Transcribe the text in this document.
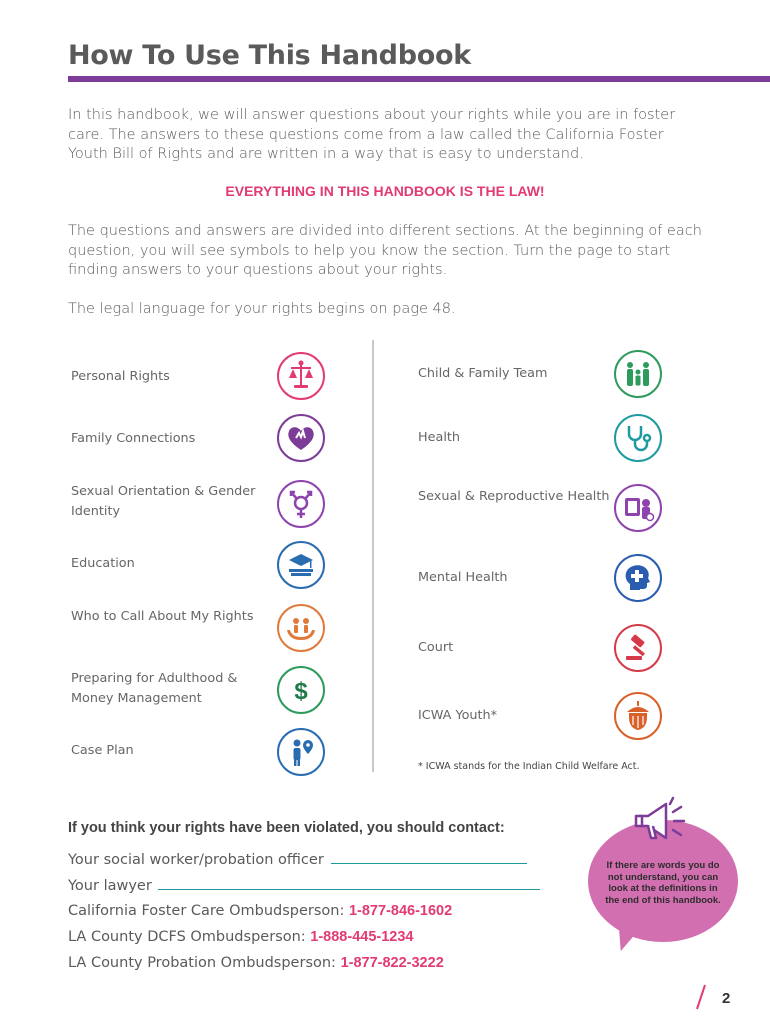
How To Use This Handbook

In this handbook, we will answer questions about your rights while you are in foster care. The answers to these questions come from a law called the California Foster Youth Bill of Rights and are written in a way that is easy to understand.

EVERYTHING IN THIS HANDBOOK IS THE LAW!

The questions and answers are divided into different sections. At the beginning of each question, you will see symbols to help you know the section. Turn the page to start finding answers to your questions about your rights.

The legal language for your rights begins on page 48.

Personal Rights
Family Connections
Sexual Orientation & Gender Identity
Education
Who to Call About My Rights
Preparing for Adulthood & Money Management	$
Case Plan
Child & Family Team
Health
Sexual & Reproductive Health
Mental Health
Court
ICWA Youth*
* ICWA stands for the Indian Child Welfare Act.
If you think your rights have been violated, you should contact:
Your social worker/probation officer
Your lawyer
California Foster Care Ombudsperson: 1-877-846-1602
LA County DCFS Ombudsperson: 1-888-445-1234
LA County Probation Ombudsperson: 1-877-822-3222
If there are words you do not understand, you can look at the definitions in the end of this handbook.
2
